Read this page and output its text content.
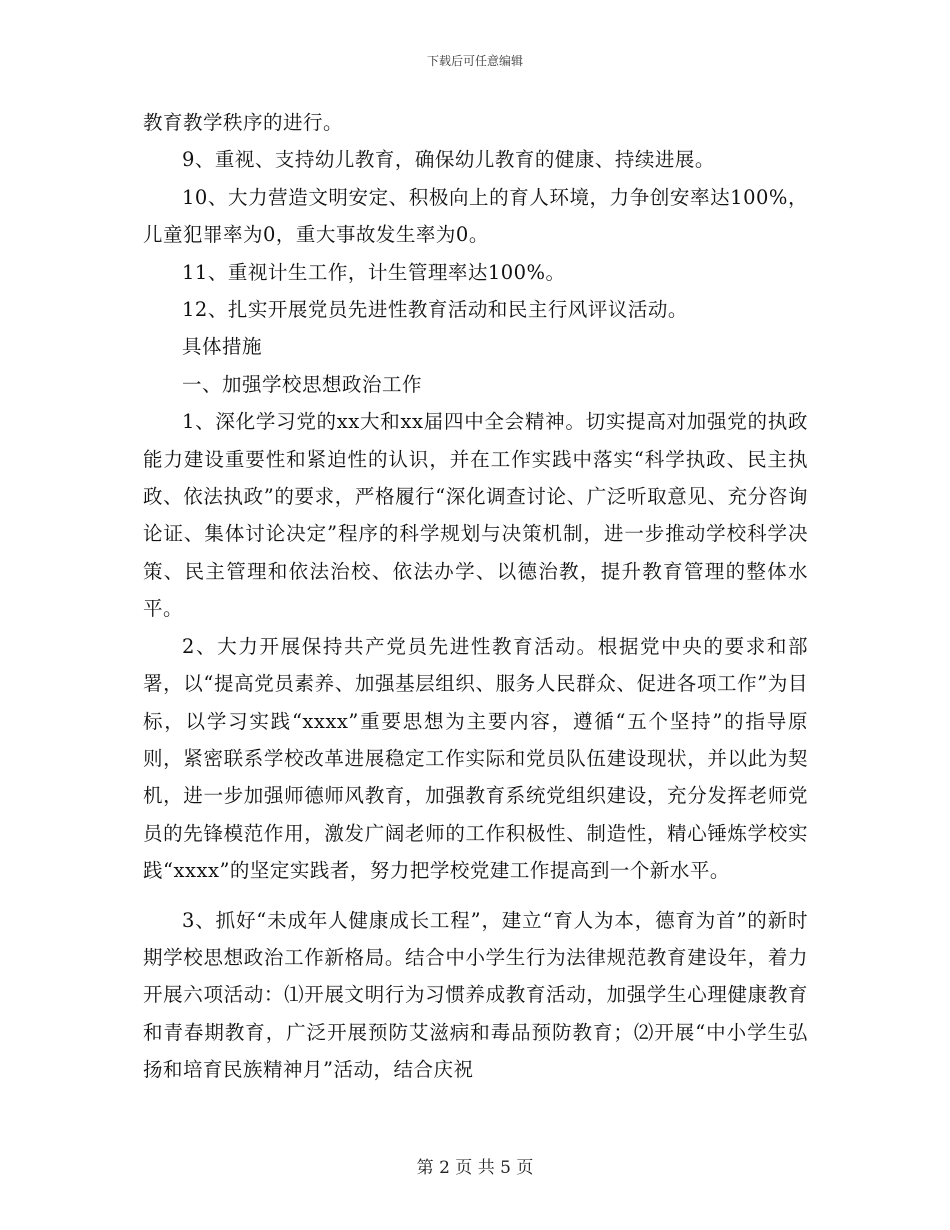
下载后可任意编辑

教育教学秩序的进行。

9、重视、支持幼儿教育，确保幼儿教育的健康、持续进展。

10、大力营造文明安定、积极向上的育人环境，力争创安率达100%，儿童犯罪率为0，重大事故发生率为0。

11、重视计生工作，计生管理率达100%。

12、扎实开展党员先进性教育活动和民主行风评议活动。

具体措施

一、加强学校思想政治工作

1、深化学习党的xx大和xx届四中全会精神。切实提高对加强党的执政能力建设重要性和紧迫性的认识，并在工作实践中落实“科学执政、民主执政、依法执政”的要求，严格履行“深化调查讨论、广泛听取意见、充分咨询论证、集体讨论决定”程序的科学规划与决策机制，进一步推动学校科学决策、民主管理和依法治校、依法办学、以德治教，提升教育管理的整体水平。

2、大力开展保持共产党员先进性教育活动。根据党中央的要求和部署，以“提高党员素养、加强基层组织、服务人民群众、促进各项工作”为目标，以学习实践“xxxx”重要思想为主要内容，遵循“五个坚持”的指导原则，紧密联系学校改革进展稳定工作实际和党员队伍建设现状，并以此为契机，进一步加强师德师风教育，加强教育系统党组织建设，充分发挥老师党员的先锋模范作用，激发广阔老师的工作积极性、制造性，精心锤炼学校实践“xxxx”的坚定实践者，努力把学校党建工作提高到一个新水平。

3、抓好“未成年人健康成长工程”，建立“育人为本，德育为首”的新时期学校思想政治工作新格局。结合中小学生行为法律规范教育建设年，着力开展六项活动：⑴开展文明行为习惯养成教育活动，加强学生心理健康教育和青春期教育，广泛开展预防艾滋病和毒品预防教育；⑵开展“中小学生弘扬和培育民族精神月”活动，结合庆祝

第 2 页 共 5 页
